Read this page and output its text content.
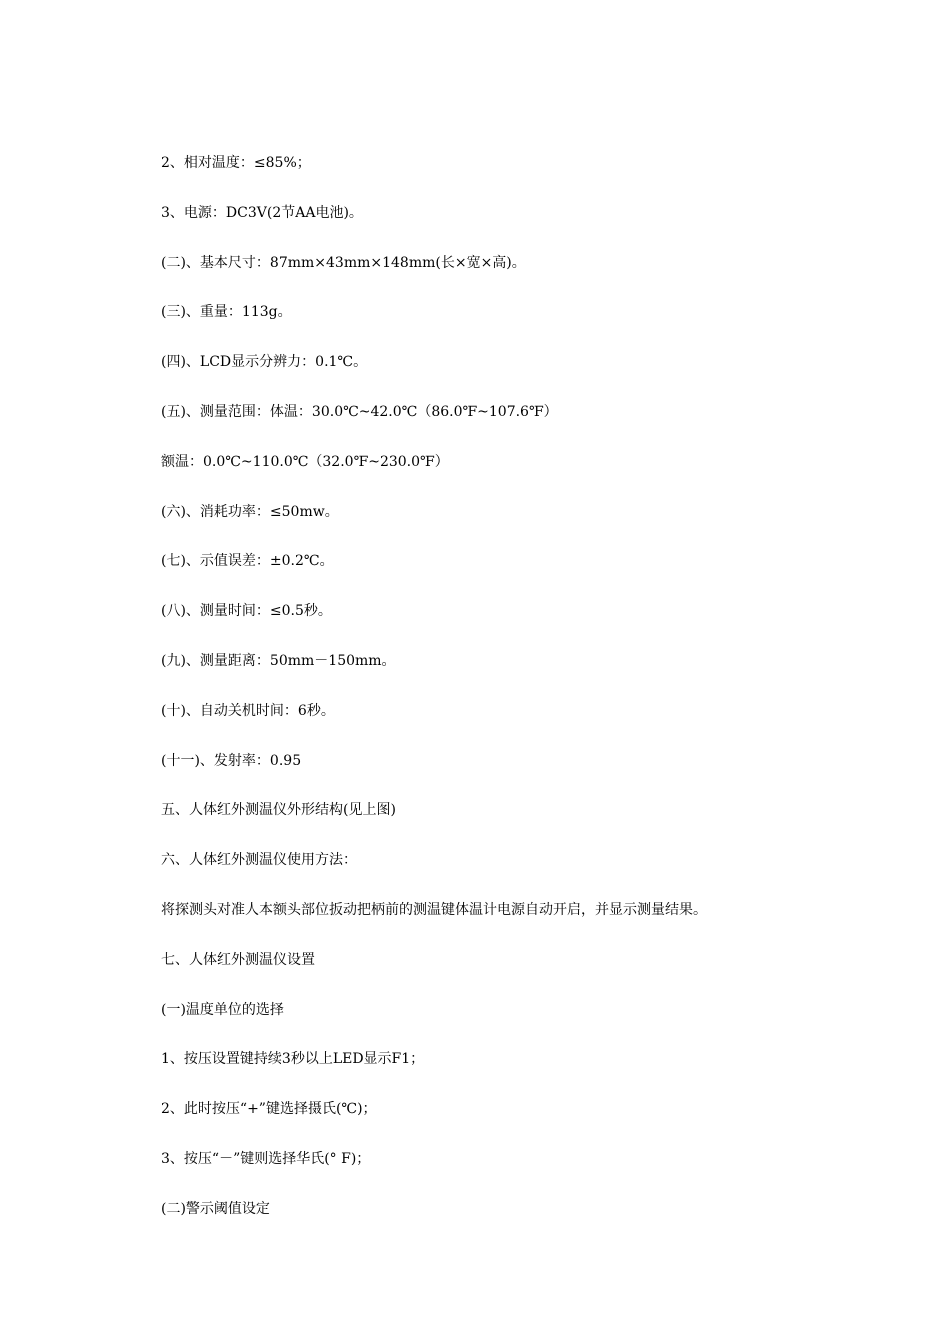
2、相对温度：≤85%；

3、电源：DC3V(2节AA电池)。

(二)、基本尺寸：87mm×43mm×148mm(长×宽×高)。

(三)、重量：113g。

(四)、LCD显示分辨力：0.1℃。

(五)、测量范围：体温：30.0℃~42.0℃（86.0℉~107.6℉）

额温：0.0℃~110.0℃（32.0℉~230.0℉）

(六)、消耗功率：≤50mw。

(七)、示值误差：±0.2℃。

(八)、测量时间：≤0.5秒。

(九)、测量距离：50mm－150mm。

(十)、自动关机时间：6秒。

(十一)、发射率：0.95

五、人体红外测温仪外形结构(见上图)

六、人体红外测温仪使用方法：

将探测头对准人本额头部位扳动把柄前的测温键体温计电源自动开启，并显示测量结果。

七、人体红外测温仪设置

(一)温度单位的选择

1、按压设置键持续3秒以上LED显示F1；

2、此时按压“+”键选择摄氏(℃)；

3、按压“－”键则选择华氏(° F)；

(二)警示阈值设定
